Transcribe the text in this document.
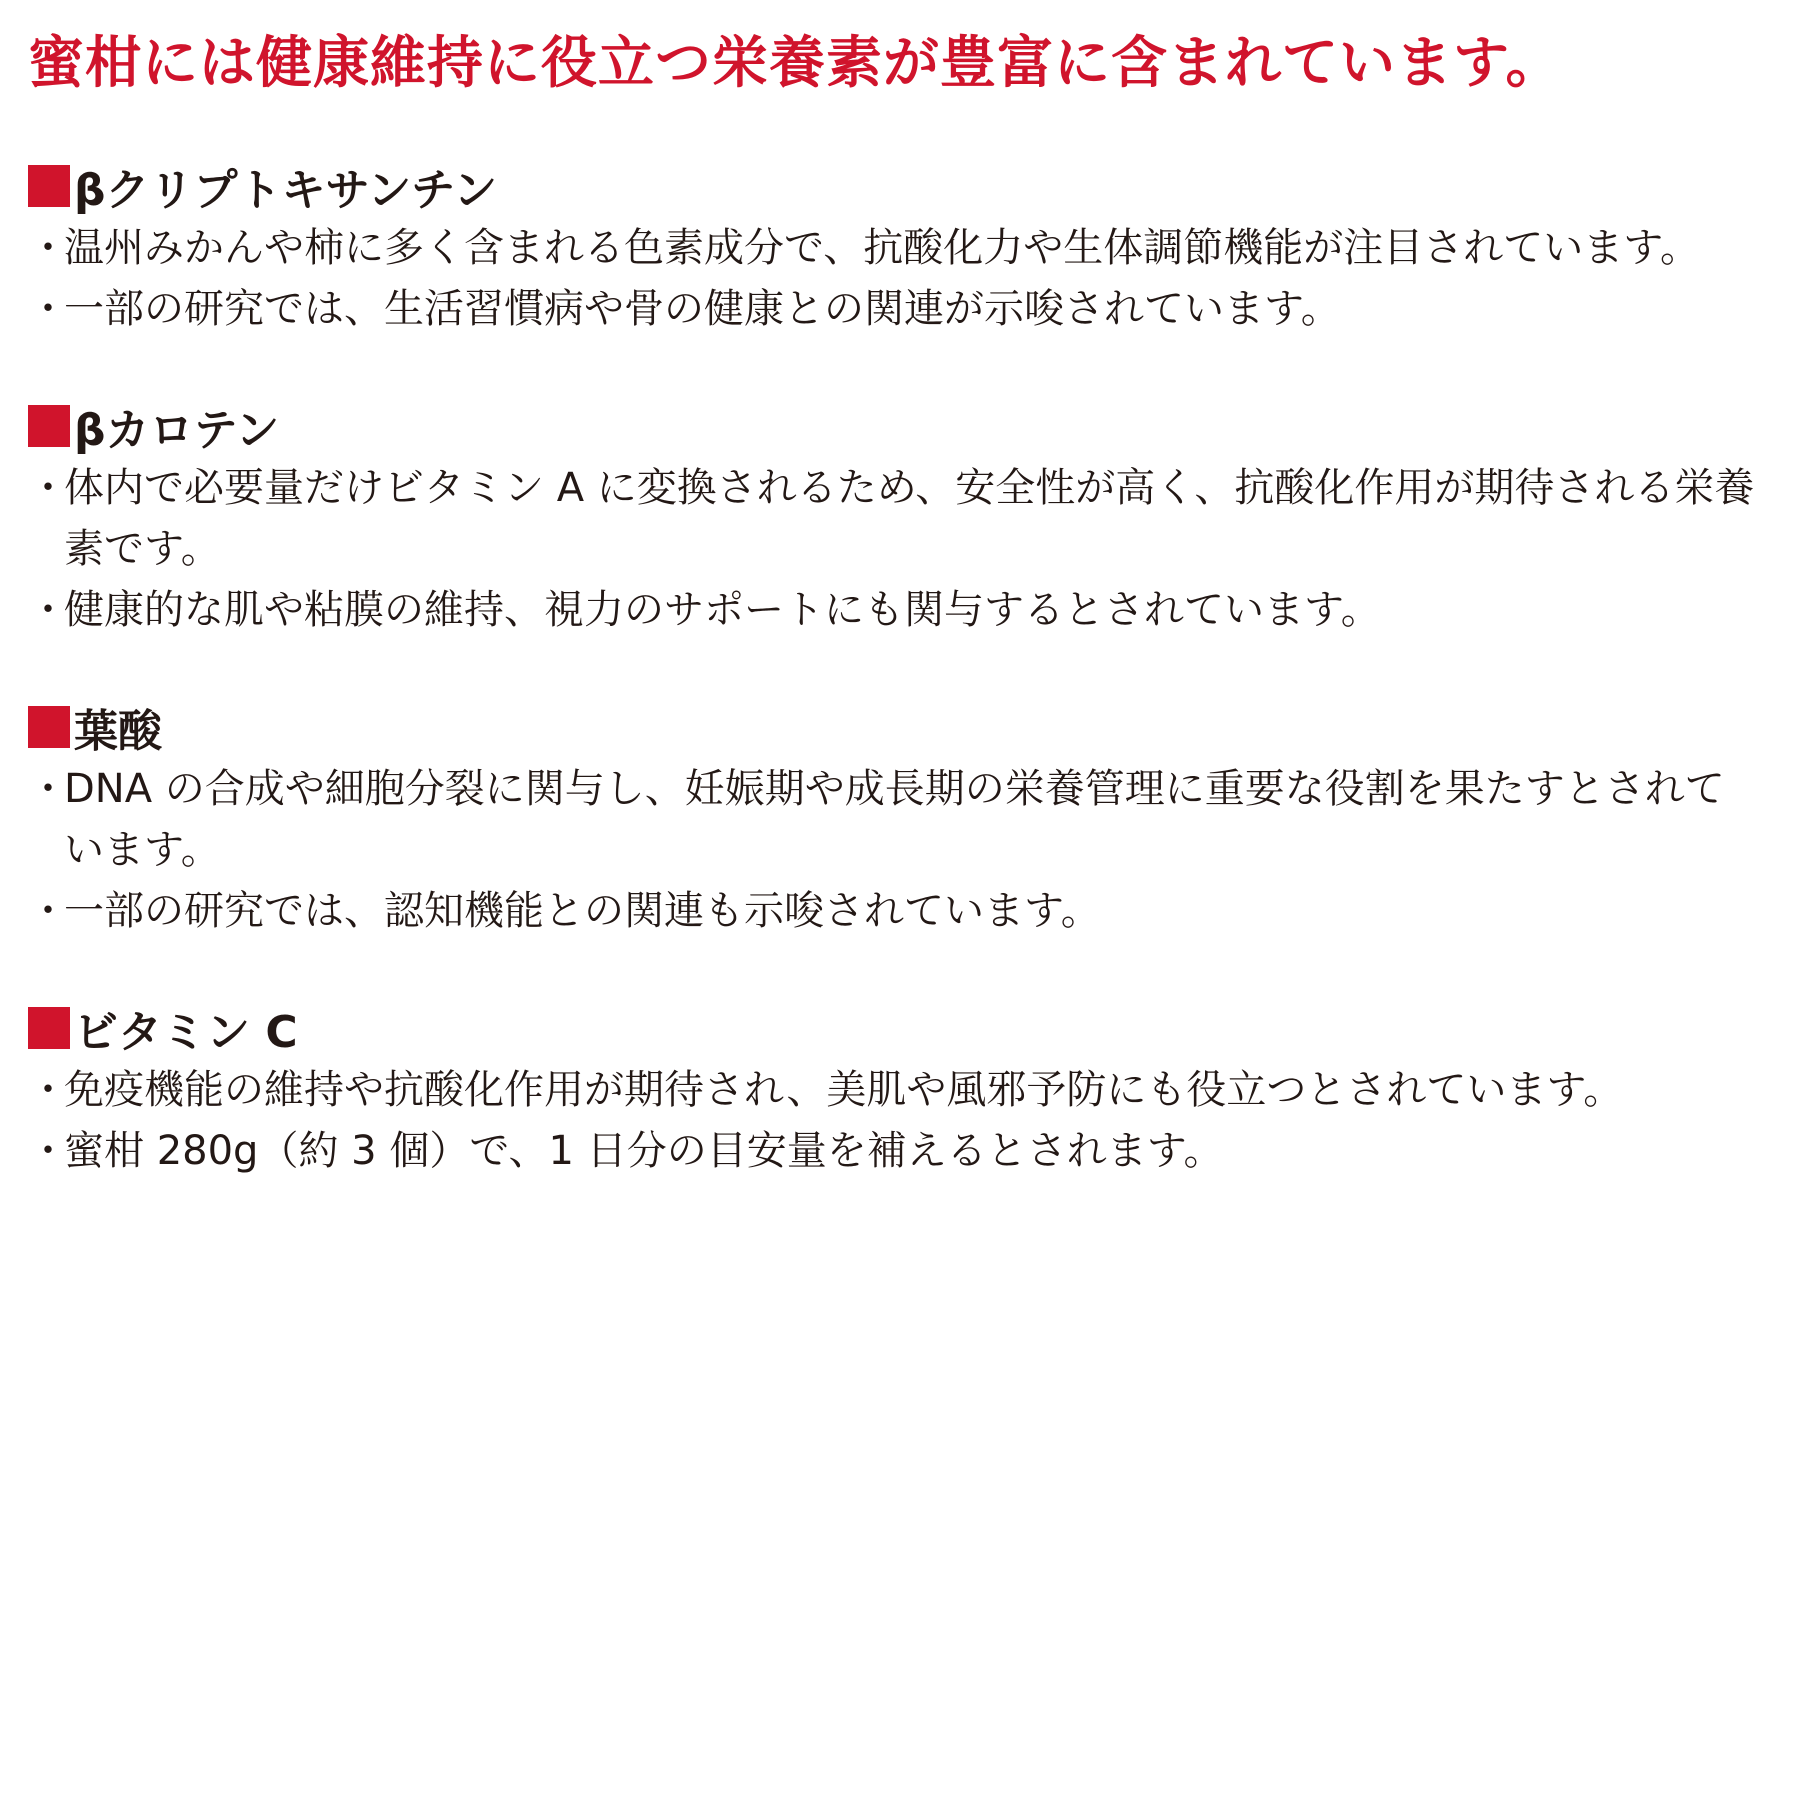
蜜柑には健康維持に役立つ栄養素が豊富に含まれています。
βクリプトキサンチン
・温州みかんや柿に多く含まれる色素成分で、抗酸化力や生体調節機能が注目されています。
・一部の研究では、生活習慣病や骨の健康との関連が示唆されています。
βカロテン
・体内で必要量だけビタミン A に変換されるため、安全性が高く、抗酸化作用が期待される栄養素です。
・健康的な肌や粘膜の維持、視力のサポートにも関与するとされています。
葉酸
・DNA の合成や細胞分裂に関与し、妊娠期や成長期の栄養管理に重要な役割を果たすとされています。
・一部の研究では、認知機能との関連も示唆されています。
ビタミン C
・免疫機能の維持や抗酸化作用が期待され、美肌や風邪予防にも役立つとされています。
・蜜柑 280g（約 3 個）で、1 日分の目安量を補えるとされます。
